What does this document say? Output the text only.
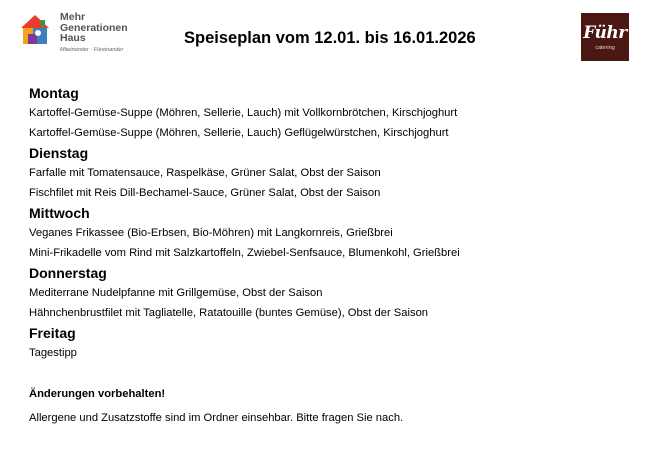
Mehr
Generationen
Haus
Miteinander · Füreinander
Speiseplan vom 12.01. bis 16.01.2026	Führ
catering
Montag
Kartoffel-Gemüse-Suppe (Möhren, Sellerie, Lauch) mit Vollkornbrötchen, Kirschjoghurt
Kartoffel-Gemüse-Suppe (Möhren, Sellerie, Lauch) Geflügelwürstchen, Kirschjoghurt
Dienstag
Farfalle mit Tomatensauce, Raspelkäse, Grüner Salat, Obst der Saison
Fischfilet mit Reis Dill-Bechamel-Sauce, Grüner Salat, Obst der Saison
Mittwoch
Veganes Frikassee (Bio-Erbsen, Bio-Möhren) mit Langkornreis, Grießbrei
Mini-Frikadelle vom Rind mit Salzkartoffeln, Zwiebel-Senfsauce, Blumenkohl, Grießbrei
Donnerstag
Mediterrane Nudelpfanne mit Grillgemüse, Obst der Saison
Hähnchenbrustfilet mit Tagliatelle, Ratatouille (buntes Gemüse), Obst der Saison
Freitag
Tagestipp
Änderungen vorbehalten!
Allergene und Zusatzstoffe sind im Ordner einsehbar. Bitte fragen Sie nach.
